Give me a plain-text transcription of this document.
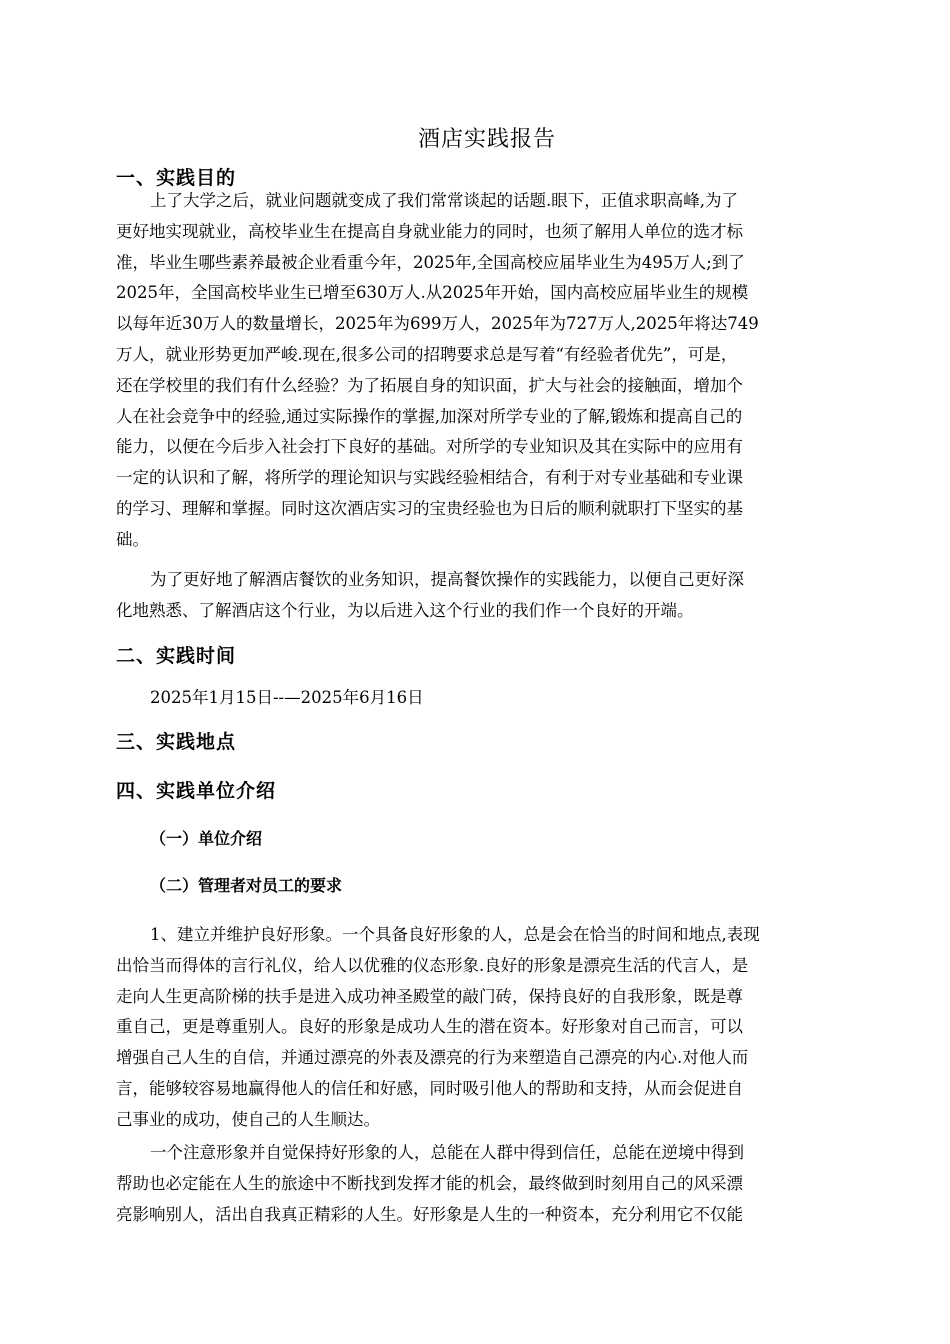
酒店实践报告
一、实践目的
上了大学之后，就业问题就变成了我们常常谈起的话题.眼下，正值求职高峰,为了
更好地实现就业，高校毕业生在提高自身就业能力的同时，也须了解用人单位的选才标
准，毕业生哪些素养最被企业看重今年，2025年,全国高校应届毕业生为495万人;到了
2025年，全国高校毕业生已增至630万人.从2025年开始，国内高校应届毕业生的规模
以每年近30万人的数量增长，2025年为699万人，2025年为727万人,2025年将达749
万人，就业形势更加严峻.现在,很多公司的招聘要求总是写着“有经验者优先”，可是，
还在学校里的我们有什么经验？为了拓展自身的知识面，扩大与社会的接触面，增加个
人在社会竞争中的经验,通过实际操作的掌握,加深对所学专业的了解,锻炼和提高自己的
能力，以便在今后步入社会打下良好的基础。对所学的专业知识及其在实际中的应用有
一定的认识和了解，将所学的理论知识与实践经验相结合，有利于对专业基础和专业课
的学习、理解和掌握。同时这次酒店实习的宝贵经验也为日后的顺利就职打下坚实的基
础。
为了更好地了解酒店餐饮的业务知识，提高餐饮操作的实践能力，以便自己更好深
化地熟悉、了解酒店这个行业，为以后进入这个行业的我们作一个良好的开端。
二、实践时间
2025年1月15日--—2025年6月16日
三、实践地点
四、实践单位介绍
（一）单位介绍
（二）管理者对员工的要求
1、建立并维护良好形象。一个具备良好形象的人，总是会在恰当的时间和地点,表现
出恰当而得体的言行礼仪，给人以优雅的仪态形象.良好的形象是漂亮生活的代言人，是
走向人生更高阶梯的扶手是进入成功神圣殿堂的敲门砖，保持良好的自我形象，既是尊
重自己，更是尊重别人。良好的形象是成功人生的潜在资本。好形象对自己而言，可以
增强自己人生的自信，并通过漂亮的外表及漂亮的行为来塑造自己漂亮的内心.对他人而
言，能够较容易地赢得他人的信任和好感，同时吸引他人的帮助和支持，从而会促进自
己事业的成功，使自己的人生顺达。
一个注意形象并自觉保持好形象的人，总能在人群中得到信任，总能在逆境中得到
帮助也必定能在人生的旅途中不断找到发挥才能的机会，最终做到时刻用自己的风采漂
亮影响别人，活出自我真正精彩的人生。好形象是人生的一种资本，充分利用它不仅能
